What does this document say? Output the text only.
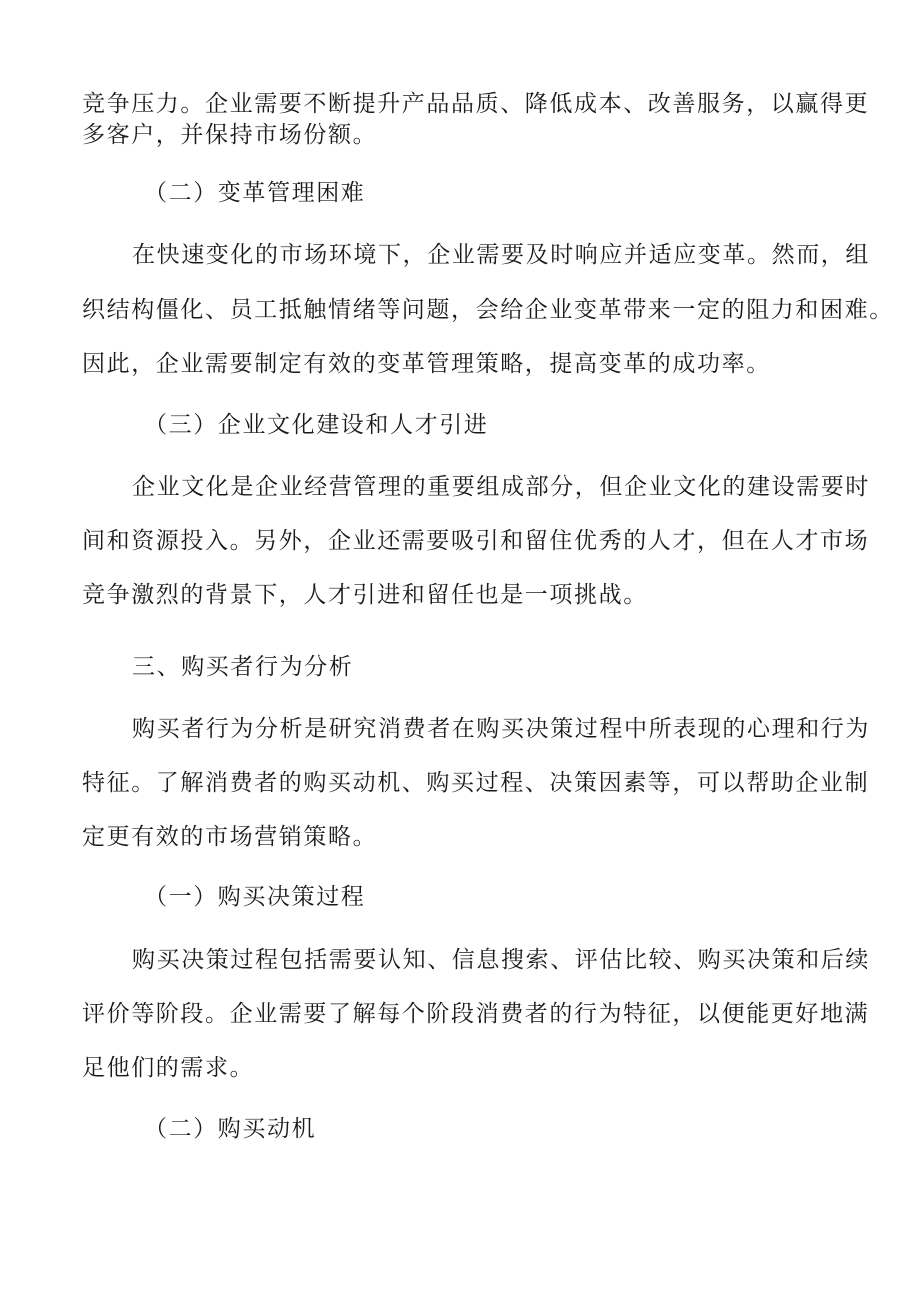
竞争压力。企业需要不断提升产品品质、降低成本、改善服务，以赢得更
多客户，并保持市场份额。
（二）变革管理困难
在快速变化的市场环境下，企业需要及时响应并适应变革。然而，组
织结构僵化、员工抵触情绪等问题，会给企业变革带来一定的阻力和困难。
因此，企业需要制定有效的变革管理策略，提高变革的成功率。
（三）企业文化建设和人才引进
企业文化是企业经营管理的重要组成部分，但企业文化的建设需要时
间和资源投入。另外，企业还需要吸引和留住优秀的人才，但在人才市场
竞争激烈的背景下，人才引进和留任也是一项挑战。
三、购买者行为分析
购买者行为分析是研究消费者在购买决策过程中所表现的心理和行为
特征。了解消费者的购买动机、购买过程、决策因素等，可以帮助企业制
定更有效的市场营销策略。
（一）购买决策过程
购买决策过程包括需要认知、信息搜索、评估比较、购买决策和后续
评价等阶段。企业需要了解每个阶段消费者的行为特征，以便能更好地满
足他们的需求。
（二）购买动机
